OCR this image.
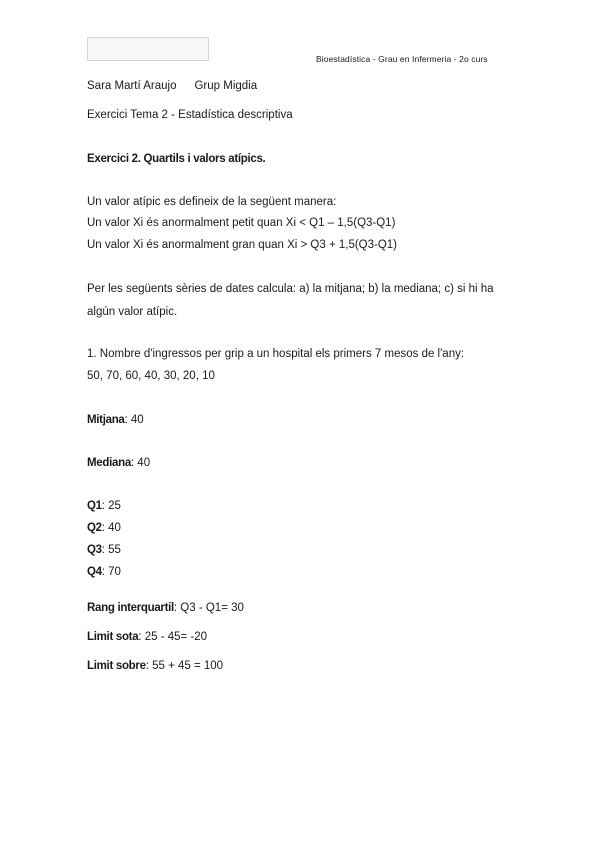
Bioestadística - Grau en Infermeria - 2o curs
Sara Martí Araujo Grup Migdia
Exercici Tema 2 - Estadística descriptiva
Exercici 2. Quartils i valors atípics.
Un valor atípic es defineix de la següent manera:
Un valor Xi és anormalment petit quan Xi < Q1 – 1,5(Q3-Q1)
Un valor Xi és anormalment gran quan Xi > Q3 + 1,5(Q3-Q1)
Per les següents sèries de dates calcula: a) la mitjana; b) la mediana; c) si hi ha
algún valor atípic.
1. Nombre d'ingressos per grip a un hospital els primers 7 mesos de l'any:
50, 70, 60, 40, 30, 20, 10
Mitjana: 40
Mediana: 40
Q1: 25
Q2: 40
Q3: 55
Q4: 70
Rang interquartil: Q3 - Q1= 30
Limit sota: 25 - 45= -20
Limit sobre: 55 + 45 = 100
